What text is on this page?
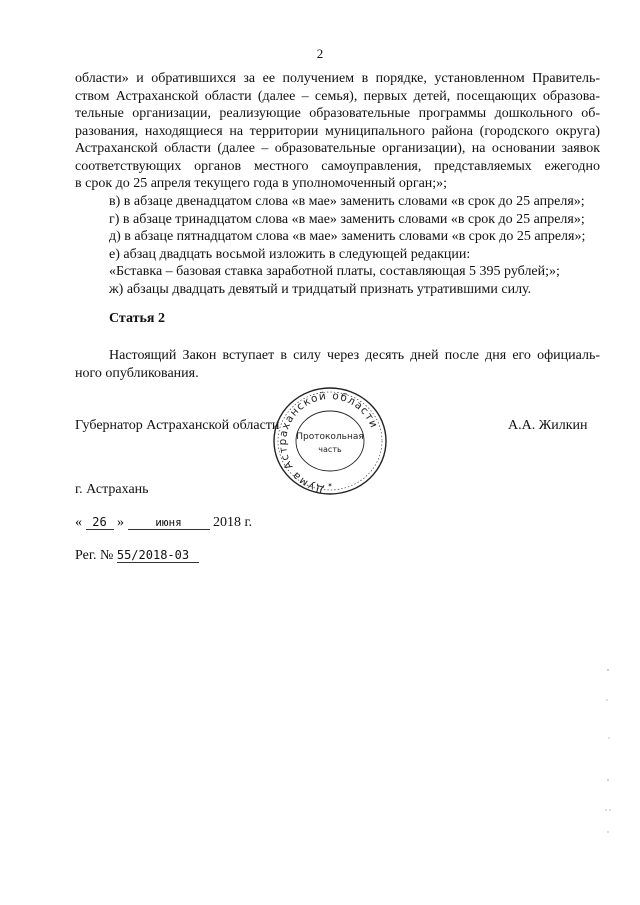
2
области» и обратившихся за ее получением в порядке, установленном Правитель-
ством Астраханской области (далее – семья), первых детей, посещающих образова-
тельные организации, реализующие образовательные программы дошкольного об-
разования, находящиеся на территории муниципального района (городского округа)
Астраханской области (далее – образовательные организации), на основании заявок
соответствующих органов местного самоуправления, представляемых ежегодно
в срок до 25 апреля текущего года в уполномоченный орган;»;
в) в абзаце двенадцатом слова «в мае» заменить словами «в срок до 25 апреля»;
г) в абзаце тринадцатом слова «в мае» заменить словами «в срок до 25 апреля»;
д) в абзаце пятнадцатом слова «в мае» заменить словами «в срок до 25 апреля»;
е) абзац двадцать восьмой изложить в следующей редакции:
«Бставка – базовая ставка заработной платы, составляющая 5 395 рублей;»;
ж) абзацы двадцать девятый и тридцатый признать утратившими силу.
Статья 2
Настоящий Закон вступает в силу через десять дней после дня его официаль-
ного опубликования.
Губернатор Астраханской области	А.А. Жилкин
Дума Астраханской области
Протокольная
часть
✶
г. Астрахань
« 26 »	июня 2018 г.
Рег. № 55/2018-03
